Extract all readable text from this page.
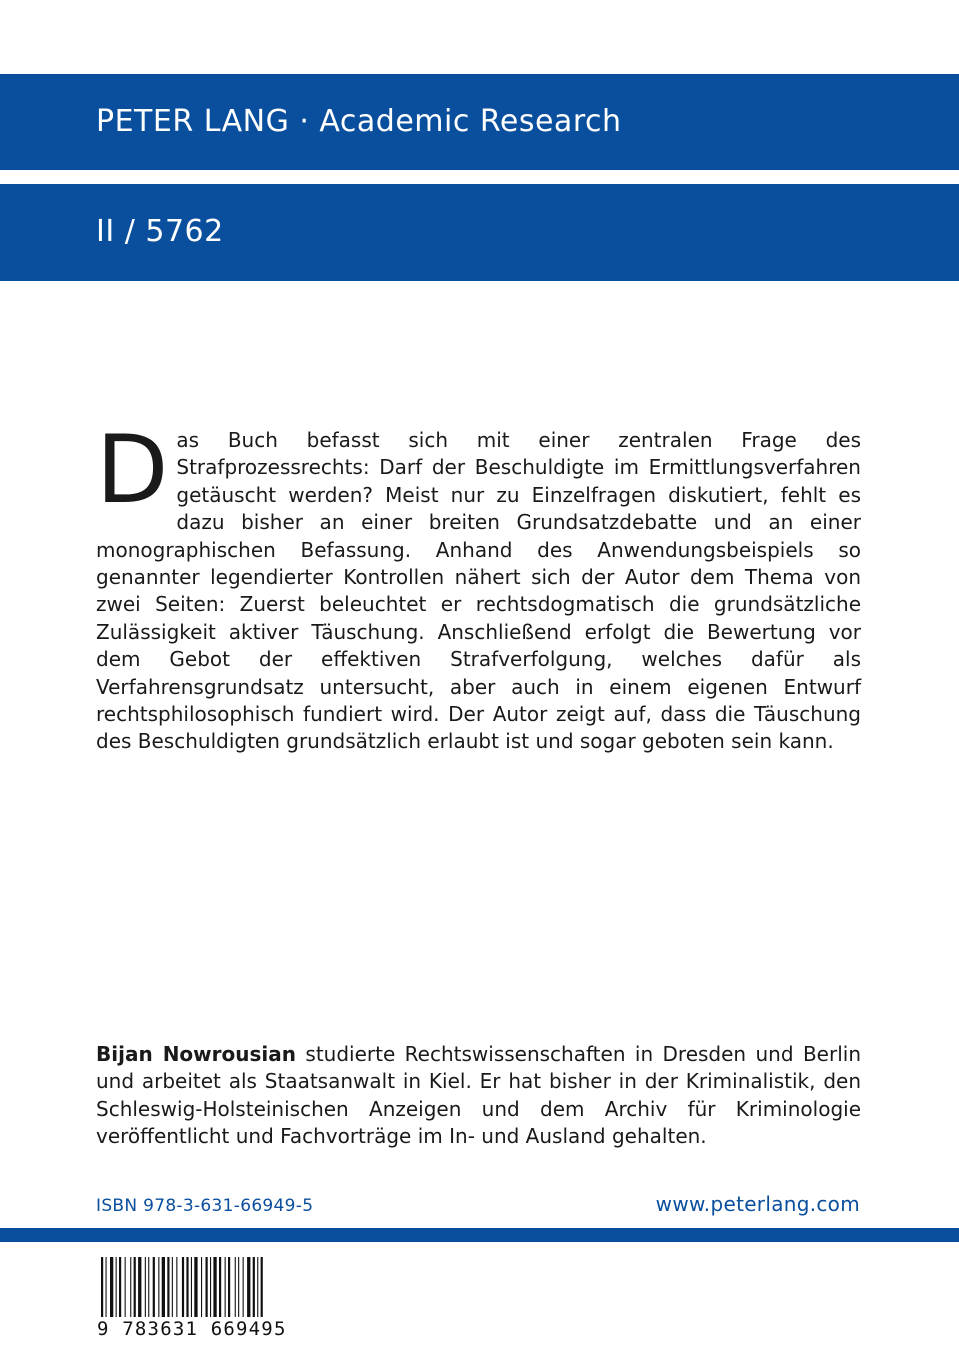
PETER LANG · Academic Research
II / 5762
D as Buch befasst sich mit einer zentralen Frage des Strafprozessrechts: Darf der Beschuldigte im Ermittlungsverfahren getäuscht werden? Meist nur zu Einzelfragen diskutiert, fehlt es dazu bisher an einer breiten Grundsatzdebatte und an einer monographischen Befassung. Anhand des Anwendungsbeispiels so genannter legendierter Kontrollen nähert sich der Autor dem Thema von zwei Seiten: Zuerst beleuchtet er rechtsdogmatisch die grundsätzliche Zulässigkeit aktiver Täuschung. Anschließend erfolgt die Bewertung vor dem Gebot der effektiven Strafverfolgung, welches dafür als Verfahrensgrundsatz untersucht, aber auch in einem eigenen Entwurf rechtsphilosophisch fundiert wird. Der Autor zeigt auf, dass die Täuschung des Beschuldigten grundsätzlich erlaubt ist und sogar geboten sein kann.
Bijan Nowrousian studierte Rechtswissenschaften in Dresden und Berlin und arbeitet als Staatsanwalt in Kiel. Er hat bisher in der Kriminalistik, den Schleswig-Holsteinischen Anzeigen und dem Archiv für Kriminologie veröffentlicht und Fachvorträge im In- und Ausland gehalten.
ISBN 978-3-631-66949-5	www.peterlang.com
9 783631 669495
